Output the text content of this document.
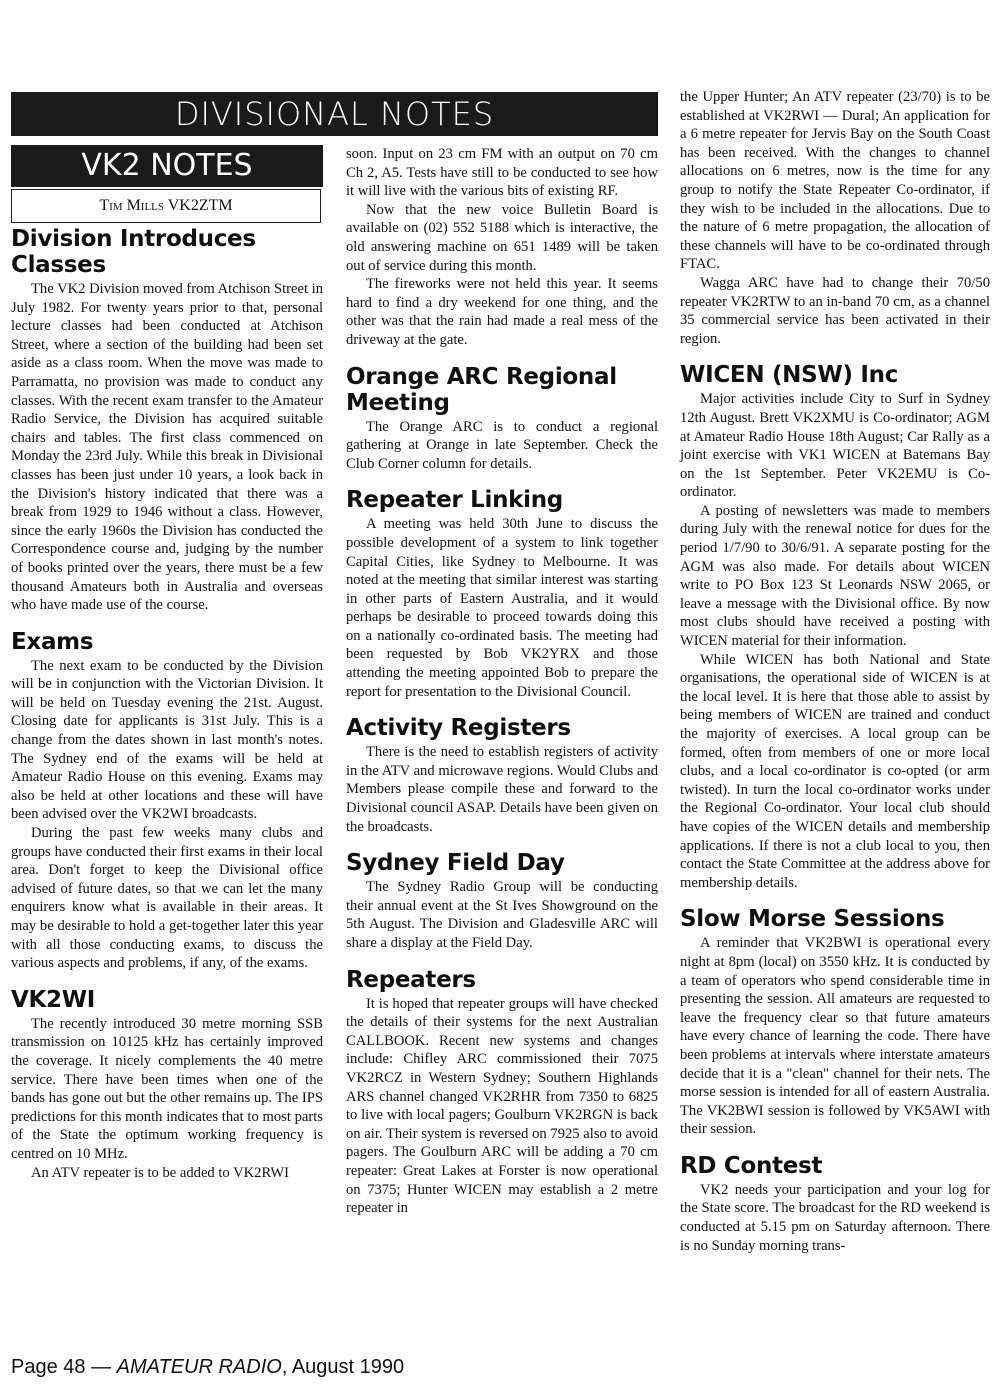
DIVISIONAL NOTES
VK2 NOTES
Tim Mills VK2ZTM
Division Introduces Classes

The VK2 Division moved from Atchison Street in July 1982. For twenty years prior to that, personal lecture classes had been conducted at Atchison Street, where a section of the building had been set aside as a class room. When the move was made to Parramatta, no provision was made to conduct any classes. With the recent exam transfer to the Amateur Radio Service, the Division has acquired suitable chairs and tables. The first class commenced on Monday the 23rd July. While this break in Divisional classes has been just under 10 years, a look back in the Division's history indicated that there was a break from 1929 to 1946 without a class. However, since the early 1960s the Division has conducted the Correspondence course and, judging by the number of books printed over the years, there must be a few thousand Amateurs both in Australia and overseas who have made use of the course.

Exams

The next exam to be conducted by the Division will be in conjunction with the Victorian Division. It will be held on Tuesday evening the 21st. August. Closing date for applicants is 31st July. This is a change from the dates shown in last month's notes. The Sydney end of the exams will be held at Amateur Radio House on this evening. Exams may also be held at other locations and these will have been advised over the VK2WI broadcasts.

During the past few weeks many clubs and groups have conducted their first exams in their local area. Don't forget to keep the Divisional office advised of future dates, so that we can let the many enquirers know what is available in their areas. It may be desirable to hold a get-together later this year with all those conducting exams, to discuss the various aspects and problems, if any, of the exams.

VK2WI

The recently introduced 30 metre morning SSB transmission on 10125 kHz has certainly improved the coverage. It nicely complements the 40 metre service. There have been times when one of the bands has gone out but the other remains up. The IPS predictions for this month indicates that to most parts of the State the optimum working frequency is centred on 10 MHz.

An ATV repeater is to be added to VK2RWI

soon. Input on 23 cm FM with an output on 70 cm Ch 2, A5. Tests have still to be conducted to see how it will live with the various bits of existing RF.

Now that the new voice Bulletin Board is available on (02) 552 5188 which is interactive, the old answering machine on 651 1489 will be taken out of service during this month.

The fireworks were not held this year. It seems hard to find a dry weekend for one thing, and the other was that the rain had made a real mess of the driveway at the gate.

Orange ARC Regional Meeting

The Orange ARC is to conduct a regional gathering at Orange in late September. Check the Club Corner column for details.

Repeater Linking

A meeting was held 30th June to discuss the possible development of a system to link together Capital Cities, like Sydney to Melbourne. It was noted at the meeting that similar interest was starting in other parts of Eastern Australia, and it would perhaps be desirable to proceed towards doing this on a nationally co-ordinated basis. The meeting had been requested by Bob VK2YRX and those attending the meeting appointed Bob to prepare the report for presentation to the Divisional Council.

Activity Registers

There is the need to establish registers of activity in the ATV and microwave regions. Would Clubs and Members please compile these and forward to the Divisional council ASAP. Details have been given on the broadcasts.

Sydney Field Day

The Sydney Radio Group will be conducting their annual event at the St Ives Showground on the 5th August. The Division and Gladesville ARC will share a display at the Field Day.

Repeaters

It is hoped that repeater groups will have checked the details of their systems for the next Australian CALLBOOK. Recent new systems and changes include: Chifley ARC commissioned their 7075 VK2RCZ in Western Sydney; Southern Highlands ARS channel changed VK2RHR from 7350 to 6825 to live with local pagers; Goulburn VK2RGN is back on air. Their system is reversed on 7925 also to avoid pagers. The Goulburn ARC will be adding a 70 cm repeater: Great Lakes at Forster is now operational on 7375; Hunter WICEN may establish a 2 metre repeater in

the Upper Hunter; An ATV repeater (23/70) is to be established at VK2RWI — Dural; An application for a 6 metre repeater for Jervis Bay on the South Coast has been received. With the changes to channel allocations on 6 metres, now is the time for any group to notify the State Repeater Co-ordinator, if they wish to be included in the allocations. Due to the nature of 6 metre propagation, the allocation of these channels will have to be co-ordinated through FTAC.

Wagga ARC have had to change their 70/50 repeater VK2RTW to an in-band 70 cm, as a channel 35 commercial service has been activated in their region.

WICEN (NSW) Inc

Major activities include City to Surf in Sydney 12th August. Brett VK2XMU is Co-ordinator; AGM at Amateur Radio House 18th August; Car Rally as a joint exercise with VK1 WICEN at Batemans Bay on the 1st September. Peter VK2EMU is Co-ordinator.

A posting of newsletters was made to members during July with the renewal notice for dues for the period 1/7/90 to 30/6/91. A separate posting for the AGM was also made. For details about WICEN write to PO Box 123 St Leonards NSW 2065, or leave a message with the Divisional office. By now most clubs should have received a posting with WICEN material for their information.

While WICEN has both National and State organisations, the operational side of WICEN is at the local level. It is here that those able to assist by being members of WICEN are trained and conduct the majority of exercises. A local group can be formed, often from members of one or more local clubs, and a local co-ordinator is co-opted (or arm twisted). In turn the local co-ordinator works under the Regional Co-ordinator. Your local club should have copies of the WICEN details and membership applications. If there is not a club local to you, then contact the State Committee at the address above for membership details.

Slow Morse Sessions

A reminder that VK2BWI is operational every night at 8pm (local) on 3550 kHz. It is conducted by a team of operators who spend considerable time in presenting the session. All amateurs are requested to leave the frequency clear so that future amateurs have every chance of learning the code. There have been problems at intervals where interstate amateurs decide that it is a "clean" channel for their nets. The morse session is intended for all of eastern Australia. The VK2BWI session is followed by VK5AWI with their session.

RD Contest

VK2 needs your participation and your log for the State score. The broadcast for the RD weekend is conducted at 5.15 pm on Saturday afternoon. There is no Sunday morning trans-

Page 48 — AMATEUR RADIO, August 1990
